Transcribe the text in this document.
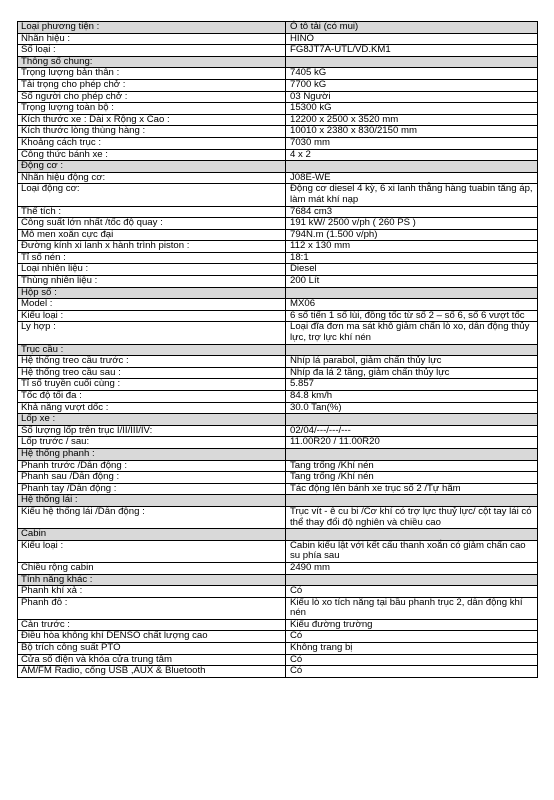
Loại phương tiện :	Ô tô tải (có mui)
Nhãn hiệu :	HINO
Số loại :	FG8JT7A-UTL/VD.KM1
Thông số chung:	
Trọng lượng bản thân :	7405 kG
Tải trọng cho phép chở :	7700 kG
Số người cho phép chở :	03 Người
Trọng lượng toàn bộ :	15300 kG
Kích thước xe : Dài x Rộng x Cao :	12200 x 2500 x 3520 mm
Kích thước lòng thùng hàng :	10010 x 2380 x 830/2150 mm
Khoảng cách trục :	7030 mm
Công thức bánh xe :	4 x 2
Động cơ :	
Nhãn hiệu động cơ:	J08E-WE
Loại động cơ:	Động cơ diesel 4 kỳ, 6 xi lanh thẳng hàng tuabin tăng áp, làm mát khí nạp
Thể tích :	7684 cm3
Công suất lớn nhất /tốc độ quay :	191 kW/ 2500 v/ph ( 260 PS )
Mô men xoắn cực đại	794N.m (1.500 v/ph)
Đường kính xi lanh x hành trình piston :	112 x 130 mm
Tỉ số nén :	18:1
Loại nhiên liệu :	Diesel
Thùng nhiên liệu :	200 Lít
Hộp số :	
Model :	MX06
Kiểu loại :	6 số tiến 1 số lùi, đồng tốc từ số 2 – số 6, số 6 vượt tốc
Ly hợp :	Loại đĩa đơn ma sát khô giảm chấn lò xo, dẫn động thủy lực, trợ lực khí nén
Trục cầu :	
Hệ thống treo cầu trước :	Nhíp lá parabol, giảm chấn thủy lực
Hệ thống treo cầu sau :	Nhíp đa lá 2 tầng, giảm chấn thủy lực
Tỉ số truyền cuối cùng :	5.857
Tốc độ tối đa :	84.8 km/h
Khả năng vượt dốc :	30.0 Tan(%)
Lốp xe :	
Số lượng lốp trên trục I/II/III/IV:	02/04/---/---/---
Lốp trước / sau:	11.00R20 / 11.00R20
Hệ thống phanh :	
Phanh trước /Dẫn động :	Tang trống /Khí nén
Phanh sau /Dẫn động :	Tang trống /Khí nén
Phanh tay /Dẫn động :	Tác động lên bánh xe trục số 2 /Tự hãm
Hệ thống lái :	
Kiểu hệ thống lái /Dẫn động :	Trục vít - ê cu bi /Cơ khí có trợ lực thuỷ lực/ cột tay lái có thể thay đổi độ nghiên và chiều cao
Cabin	
Kiểu loại :	Cabin kiểu lật với kết cấu thanh xoắn có giảm chấn cao su phía sau
Chiều rộng cabin	2490 mm
Tính năng khác :	
Phanh khí xả :	Có
Phanh đỗ :	Kiểu lò xo tích năng tại bầu phanh trục 2, dẫn động khí nén
Cản trước :	Kiểu đường trường
Điều hòa không khí DENSO chất lượng cao	Có
Bộ trích công suất PTO	Không trang bị
Cửa sổ điện và khóa cửa trung tâm	Có
AM/FM Radio, cổng USB ,AUX & Bluetooth	Có
